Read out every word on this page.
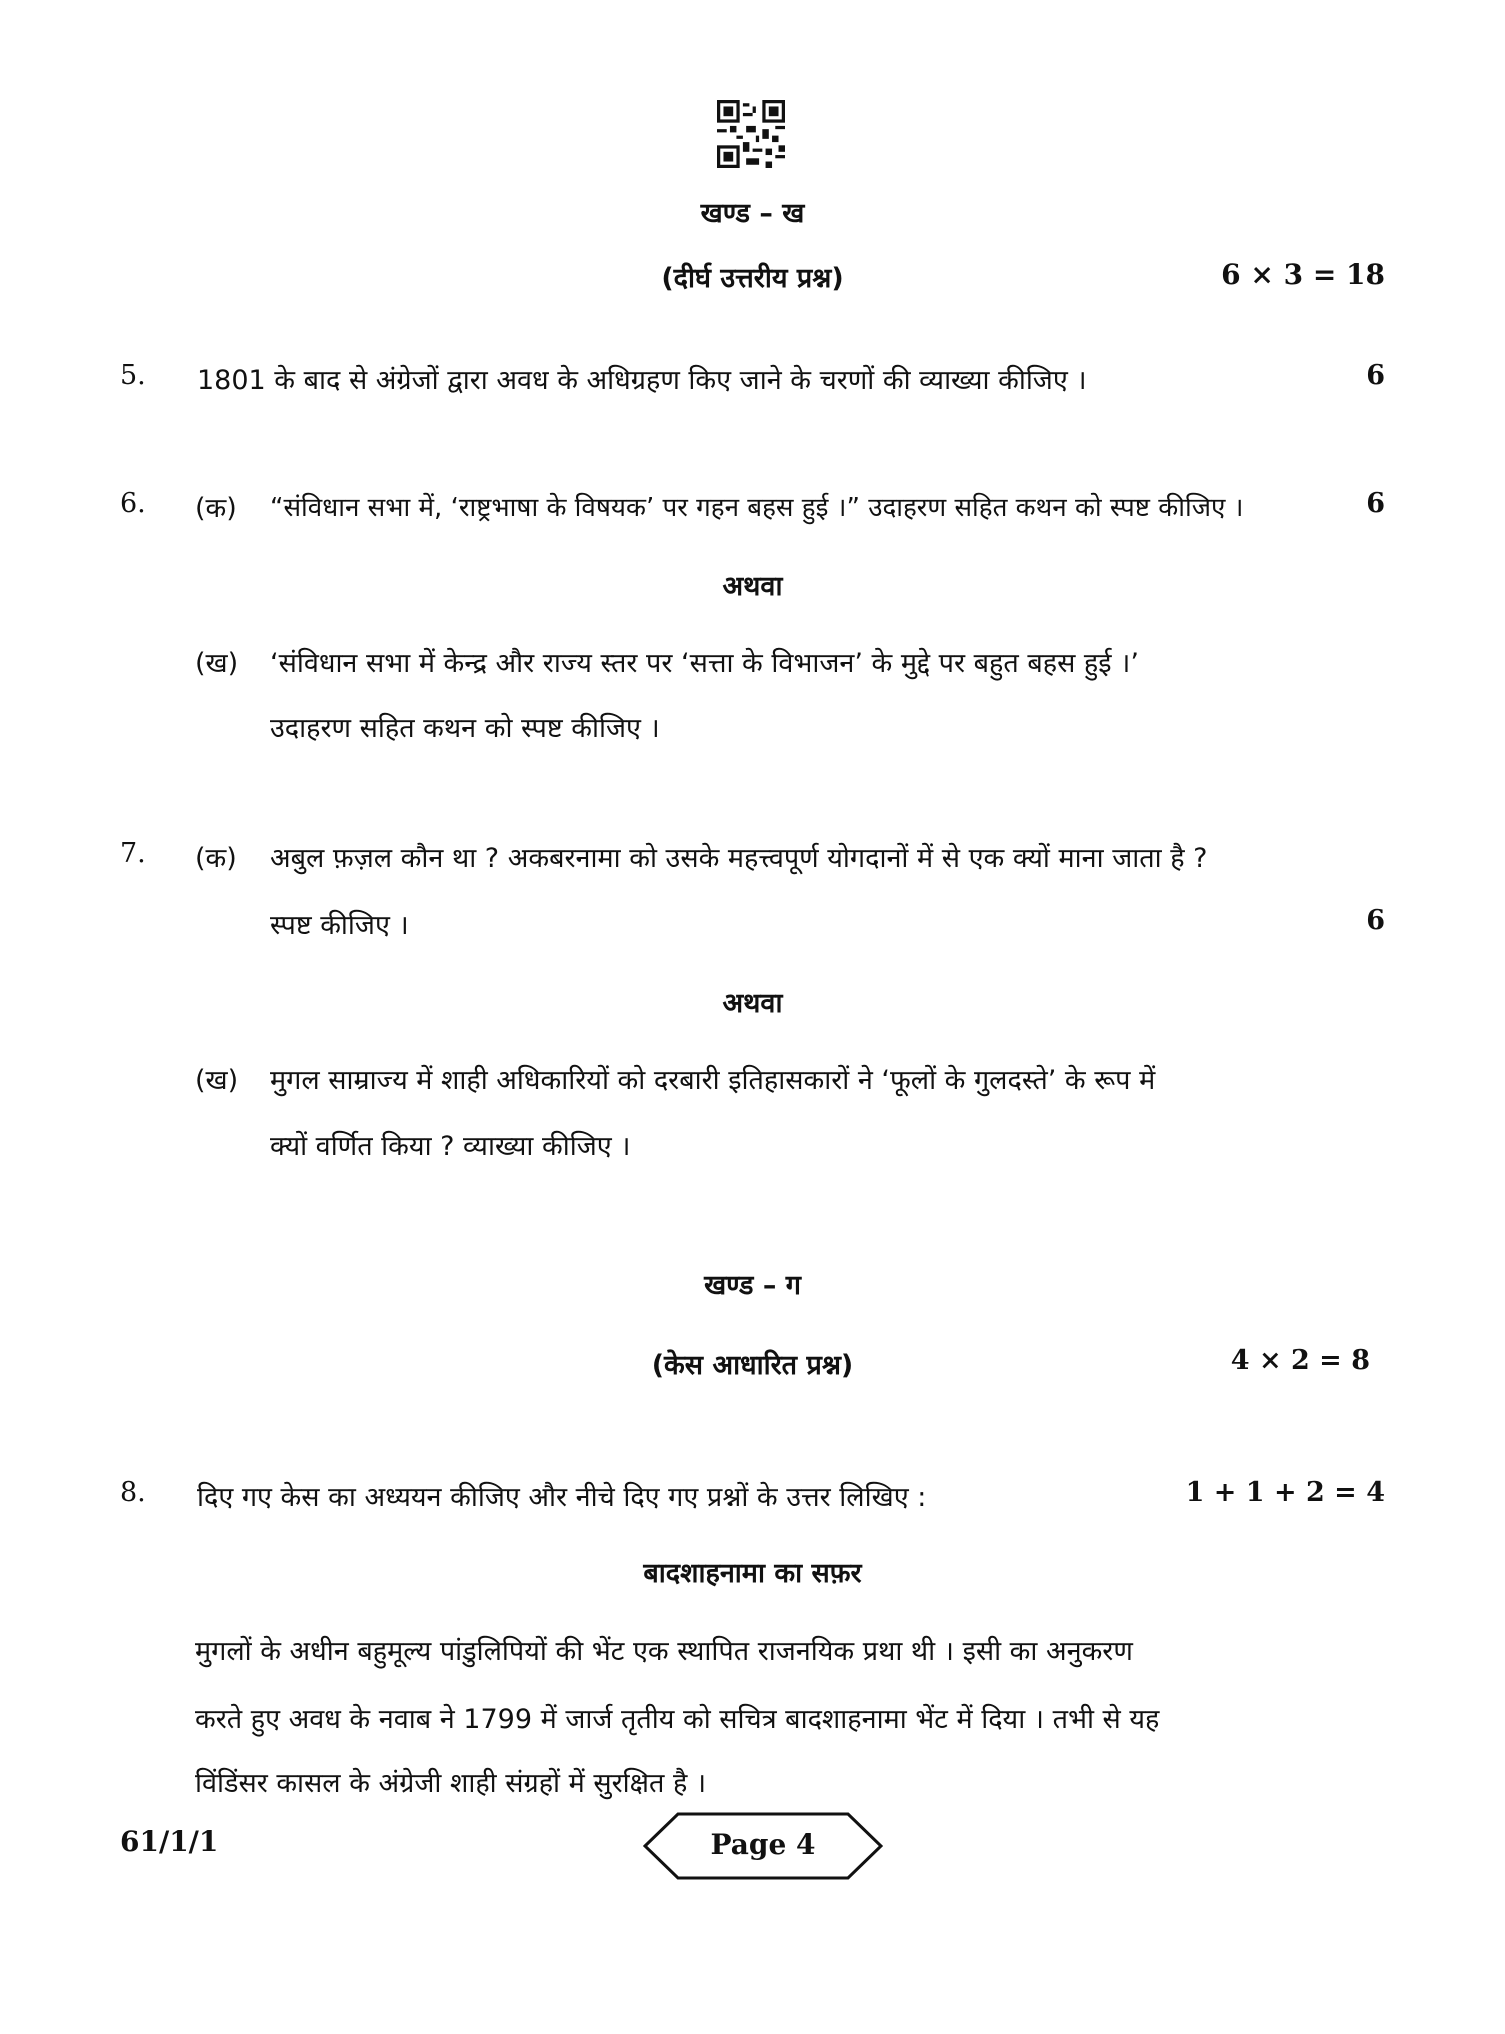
खण्ड – ख
(दीर्घ उत्तरीय प्रश्न)	6 × 3 = 18
5. 1801 के बाद से अंग्रेजों द्वारा अवध के अधिग्रहण किए जाने के चरणों की व्याख्या कीजिए ।	6
6. (क) “संविधान सभा में, ‘राष्ट्रभाषा के विषयक’ पर गहन बहस हुई ।” उदाहरण सहित कथन को स्पष्ट कीजिए ।	6
अथवा
(ख) ‘संविधान सभा में केन्द्र और राज्य स्तर पर ‘सत्ता के विभाजन’ के मुद्दे पर बहुत बहस हुई ।’
उदाहरण सहित कथन को स्पष्ट कीजिए ।
7. (क) अबुल फ़ज़ल कौन था ? अकबरनामा को उसके महत्त्वपूर्ण योगदानों में से एक क्यों माना जाता है ?
स्पष्ट कीजिए ।	6
अथवा
(ख) मुगल साम्राज्य में शाही अधिकारियों को दरबारी इतिहासकारों ने ‘फूलों के गुलदस्ते’ के रूप में
क्यों वर्णित किया ? व्याख्या कीजिए ।
खण्ड – ग
(केस आधारित प्रश्न)	4 × 2 = 8
8. दिए गए केस का अध्ययन कीजिए और नीचे दिए गए प्रश्नों के उत्तर लिखिए :	1 + 1 + 2 = 4
बादशाहनामा का सफ़र
मुगलों के अधीन बहुमूल्य पांडुलिपियों की भेंट एक स्थापित राजनयिक प्रथा थी । इसी का अनुकरण
करते हुए अवध के नवाब ने 1799 में जार्ज तृतीय को सचित्र बादशाहनामा भेंट में दिया । तभी से यह
विंडिंसर कासल के अंग्रेजी शाही संग्रहों में सुरक्षित है ।
61/1/1	Page 4
